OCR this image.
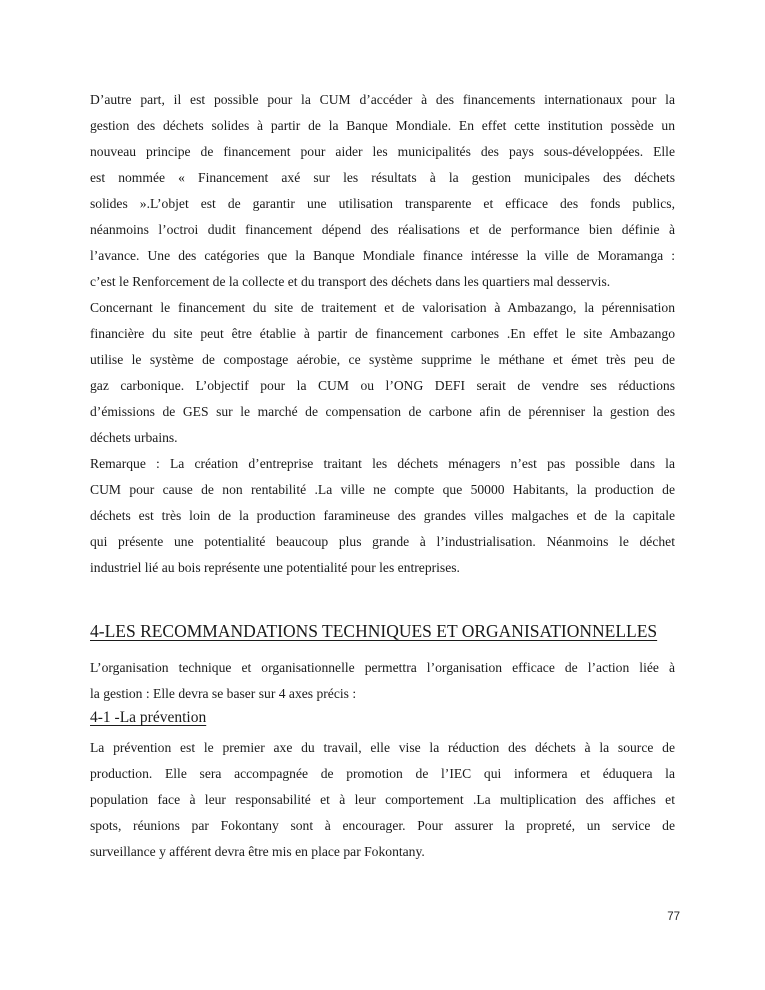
D’autre part, il est possible pour la CUM d’accéder à des financements internationaux pour la
gestion des déchets solides à partir de la Banque Mondiale. En effet cette institution possède un
nouveau principe de financement pour aider les municipalités des pays sous-développées. Elle
est nommée « Financement axé sur les résultats à la gestion municipales des déchets
solides ».L’objet est de garantir une utilisation transparente et efficace des fonds publics,
néanmoins l’octroi dudit financement dépend des réalisations et de performance bien définie à
l’avance. Une des catégories que la Banque Mondiale finance intéresse la ville de Moramanga :
c’est le Renforcement de la collecte et du transport des déchets dans les quartiers mal desservis.
Concernant le financement du site de traitement et de valorisation à Ambazango, la pérennisation
financière du site peut être établie à partir de financement carbones .En effet le site Ambazango
utilise le système de compostage aérobie, ce système supprime le méthane et émet très peu de
gaz carbonique. L’objectif pour la CUM ou l’ONG DEFI serait de vendre ses réductions
d’émissions de GES sur le marché de compensation de carbone afin de pérenniser la gestion des
déchets urbains.
Remarque : La création d’entreprise traitant les déchets ménagers n’est pas possible dans la
CUM pour cause de non rentabilité .La ville ne compte que 50000 Habitants, la production de
déchets est très loin de la production faramineuse des grandes villes malgaches et de la capitale
qui présente une potentialité beaucoup plus grande à l’industrialisation. Néanmoins le déchet
industriel lié au bois représente une potentialité pour les entreprises.
4-LES RECOMMANDATIONS TECHNIQUES ET ORGANISATIONNELLES
L’organisation technique et organisationnelle permettra l’organisation efficace de l’action liée à
la gestion : Elle devra se baser sur 4 axes précis :
4-1 -La prévention
La prévention est le premier axe du travail, elle vise la réduction des déchets à la source de
production. Elle sera accompagnée de promotion de l’IEC qui informera et éduquera la
population face à leur responsabilité et à leur comportement .La multiplication des affiches et
spots, réunions par Fokontany sont à encourager. Pour assurer la propreté, un service de
surveillance y afférent devra être mis en place par Fokontany.
77
